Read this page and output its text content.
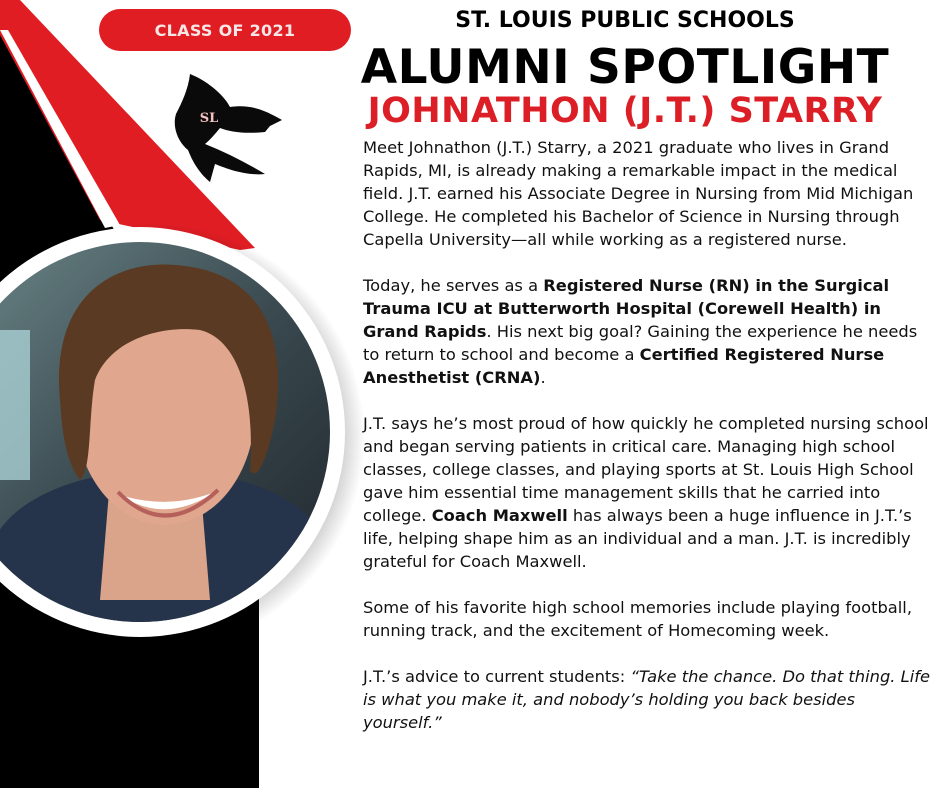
SL
CLASS OF 2021	ST. LOUIS PUBLIC SCHOOLS
ALUMNI SPOTLIGHT
JOHNATHON (J.T.) STARRY

Meet Johnathon (J.T.) Starry, a 2021 graduate who lives in Grand Rapids, MI, is already making a remarkable impact in the medical field. J.T. earned his Associate Degree in Nursing from Mid Michigan College. He completed his Bachelor of Science in Nursing through Capella University—all while working as a registered nurse.

Today, he serves as a Registered Nurse (RN) in the Surgical Trauma ICU at Butterworth Hospital (Corewell Health) in Grand Rapids. His next big goal? Gaining the experience he needs to return to school and become a Certified Registered Nurse Anesthetist (CRNA).

J.T. says he’s most proud of how quickly he completed nursing school and began serving patients in critical care. Managing high school classes, college classes, and playing sports at St. Louis High School gave him essential time management skills that he carried into college. Coach Maxwell has always been a huge influence in J.T.’s life, helping shape him as an individual and a man. J.T. is incredibly grateful for Coach Maxwell.

Some of his favorite high school memories include playing football, running track, and the excitement of Homecoming week.

J.T.’s advice to current students: “Take the chance. Do that thing. Life is what you make it, and nobody’s holding you back besides yourself.”
